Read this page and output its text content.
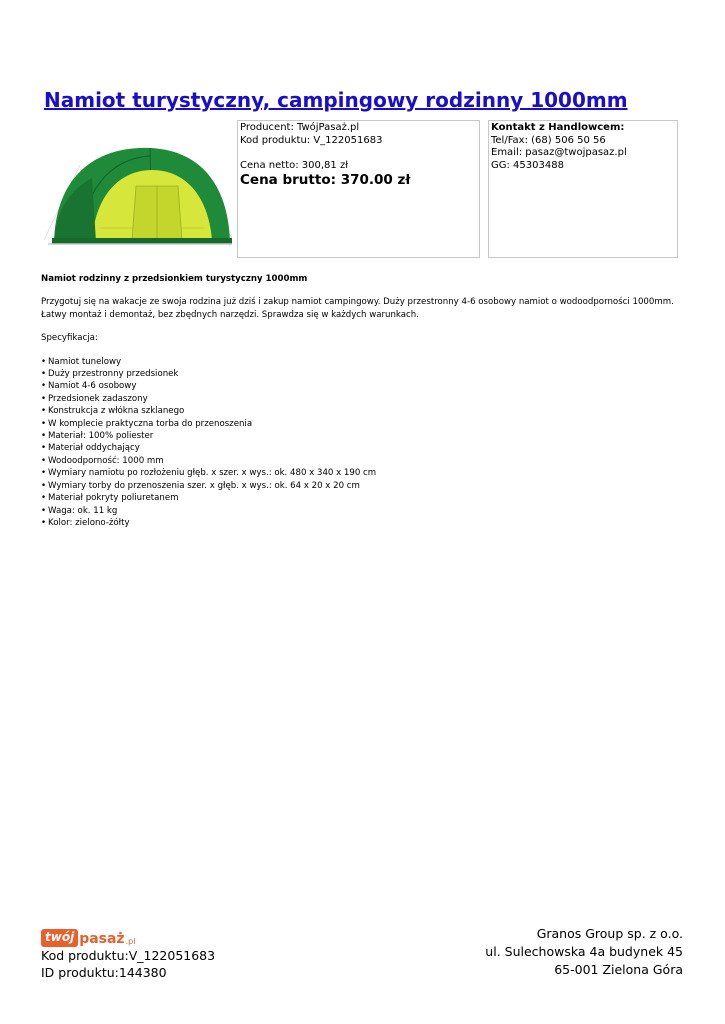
Namiot turystyczny, campingowy rodzinny 1000mm
Producent: TwójPasaż.pl
Kod produktu: V_122051683
Cena netto: 300,81 zł
Cena brutto: 370.00 zł
Kontakt z Handlowcem:
Tel/Fax: (68) 506 50 56
Email: pasaz@twojpasaz.pl
GG: 45303488

Namiot rodzinny z przedsionkiem turystyczny 1000mm

Przygotuj się na wakacje ze swoja rodzina już dziś i zakup namiot campingowy. Duży przestronny 4-6 osobowy namiot o wodoodporności 1000mm. Łatwy montaż i demontaż, bez zbędnych narzędzi. Sprawdza się w każdych warunkach.

Specyfikacja:

• Namiot tunelowy
• Duży przestronny przedsionek
• Namiot 4-6 osobowy
• Przedsionek zadaszony
• Konstrukcja z włókna szklanego
• W komplecie praktyczna torba do przenoszenia
• Materiał: 100% poliester
• Materiał oddychający
• Wodoodporność: 1000 mm
• Wymiary namiotu po rozłożeniu głęb. x szer. x wys.: ok. 480 x 340 x 190 cm
• Wymiary torby do przenoszenia szer. x głęb. x wys.: ok. 64 x 20 x 20 cm
• Materiał pokryty poliuretanem
• Waga: ok. 11 kg
• Kolor: zielono-żółty
twój pasaż .pl
Kod produktu:V_122051683
ID produktu:144380
Granos Group sp. z o.o.
ul. Sulechowska 4a budynek 45
65-001 Zielona Góra
